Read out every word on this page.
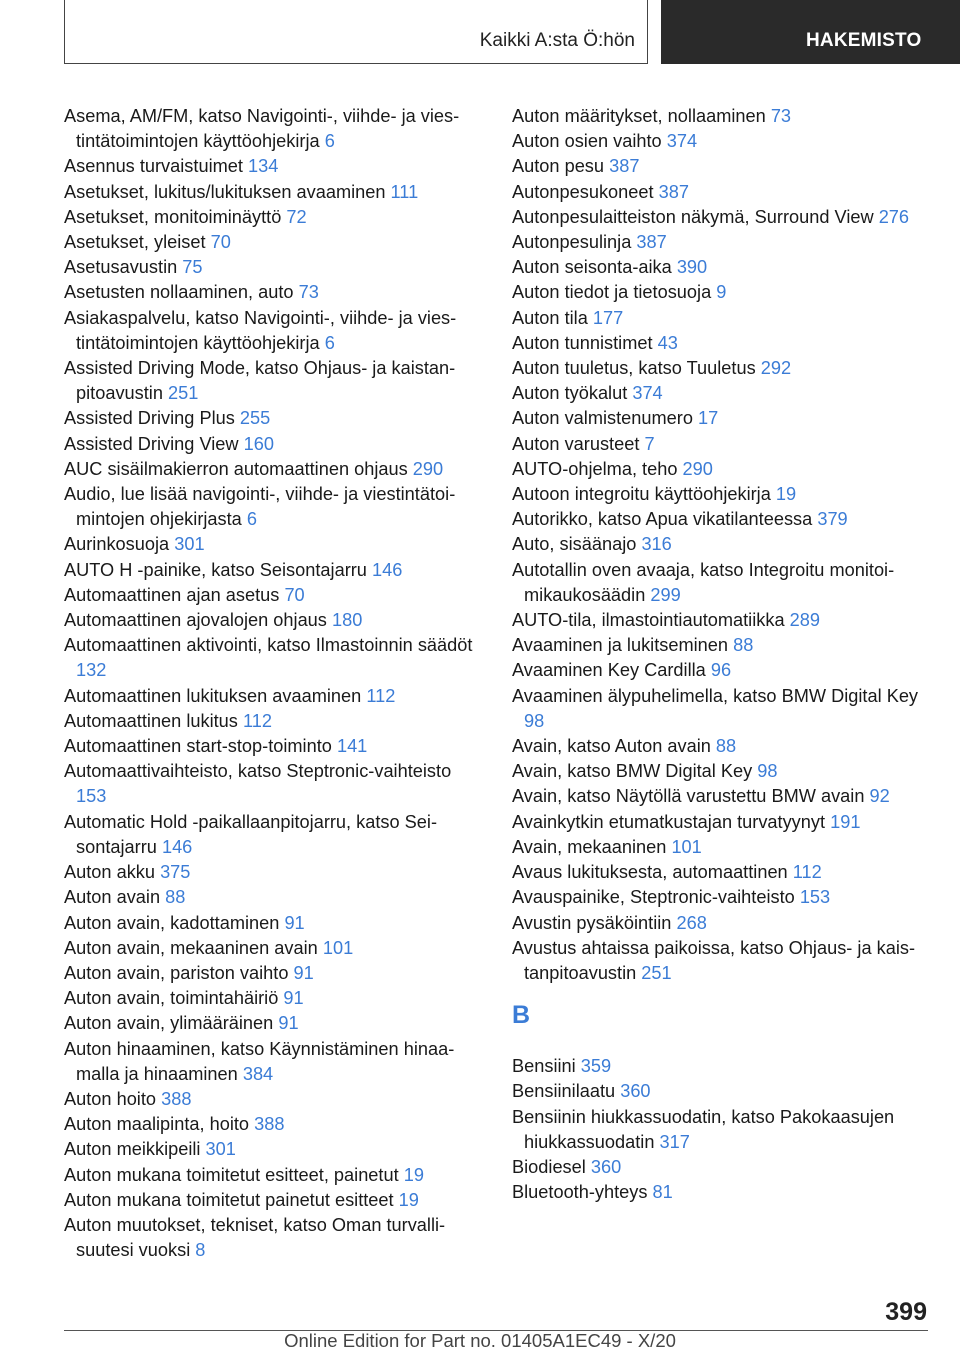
Kaikki A:sta Ö:hön	HAKEMISTO
Asema, AM/FM, katso Navigointi-, viihde- ja viestintätoimintojen käyttöohjekirja 6
Asennus turvaistuimet 134
Asetukset, lukitus/lukituksen avaaminen 111
Asetukset, monitoiminäyttö 72
Asetukset, yleiset 70
Asetusavustin 75
Asetusten nollaaminen, auto 73
Asiakaspalvelu, katso Navigointi-, viihde- ja viestintätoimintojen käyttöohjekirja 6
Assisted Driving Mode, katso Ohjaus- ja kaistanpitoavustin 251
Assisted Driving Plus 255
Assisted Driving View 160
AUC sisäilmakierron automaattinen ohjaus 290
Audio, lue lisää navigointi-, viihde- ja viestintätoimintojen ohjekirjasta 6
Aurinkosuoja 301
AUTO H -painike, katso Seisontajarru 146
Automaattinen ajan asetus 70
Automaattinen ajovalojen ohjaus 180
Automaattinen aktivointi, katso Ilmastoinnin säädöt 132
Automaattinen lukituksen avaaminen 112
Automaattinen lukitus 112
Automaattinen start-stop-toiminto 141
Automaattivaihteisto, katso Steptronic-vaihteisto 153
Automatic Hold -paikallaanpitojarru, katso Seisontajarru 146
Auton akku 375
Auton avain 88
Auton avain, kadottaminen 91
Auton avain, mekaaninen avain 101
Auton avain, pariston vaihto 91
Auton avain, toimintahäiriö 91
Auton avain, ylimääräinen 91
Auton hinaaminen, katso Käynnistäminen hinaamalla ja hinaaminen 384
Auton hoito 388
Auton maalipinta, hoito 388
Auton meikkipeili 301
Auton mukana toimitetut esitteet, painetut 19
Auton mukana toimitetut painetut esitteet 19
Auton muutokset, tekniset, katso Oman turvallisuutesi vuoksi 8
Auton määritykset, nollaaminen 73
Auton osien vaihto 374
Auton pesu 387
Autonpesukoneet 387
Autonpesulaitteiston näkymä, Surround View 276
Autonpesulinja 387
Auton seisonta-aika 390
Auton tiedot ja tietosuoja 9
Auton tila 177
Auton tunnistimet 43
Auton tuuletus, katso Tuuletus 292
Auton työkalut 374
Auton valmistenumero 17
Auton varusteet 7
AUTO-ohjelma, teho 290
Autoon integroitu käyttöohjekirja 19
Autorikko, katso Apua vikatilanteessa 379
Auto, sisäänajo 316
Autotallin oven avaaja, katso Integroitu monitoimikaukosäädin 299
AUTO-tila, ilmastointiautomatiikka 289
Avaaminen ja lukitseminen 88
Avaaminen Key Cardilla 96
Avaaminen älypuhelimella, katso BMW Digital Key 98
Avain, katso Auton avain 88
Avain, katso BMW Digital Key 98
Avain, katso Näytöllä varustettu BMW avain 92
Avainkytkin etumatkustajan turvatyynyt 191
Avain, mekaaninen 101
Avaus lukituksesta, automaattinen 112
Avauspainike, Steptronic-vaihteisto 153
Avustin pysäköintiin 268
Avustus ahtaissa paikoissa, katso Ohjaus- ja kaistanpitoavustin 251
B
Bensiini 359
Bensiinilaatu 360
Bensiinin hiukkassuodatin, katso Pakokaasujen hiukkassuodatin 317
Biodiesel 360
Bluetooth-yhteys 81
399
Online Edition for Part no. 01405A1EC49 - X/20
